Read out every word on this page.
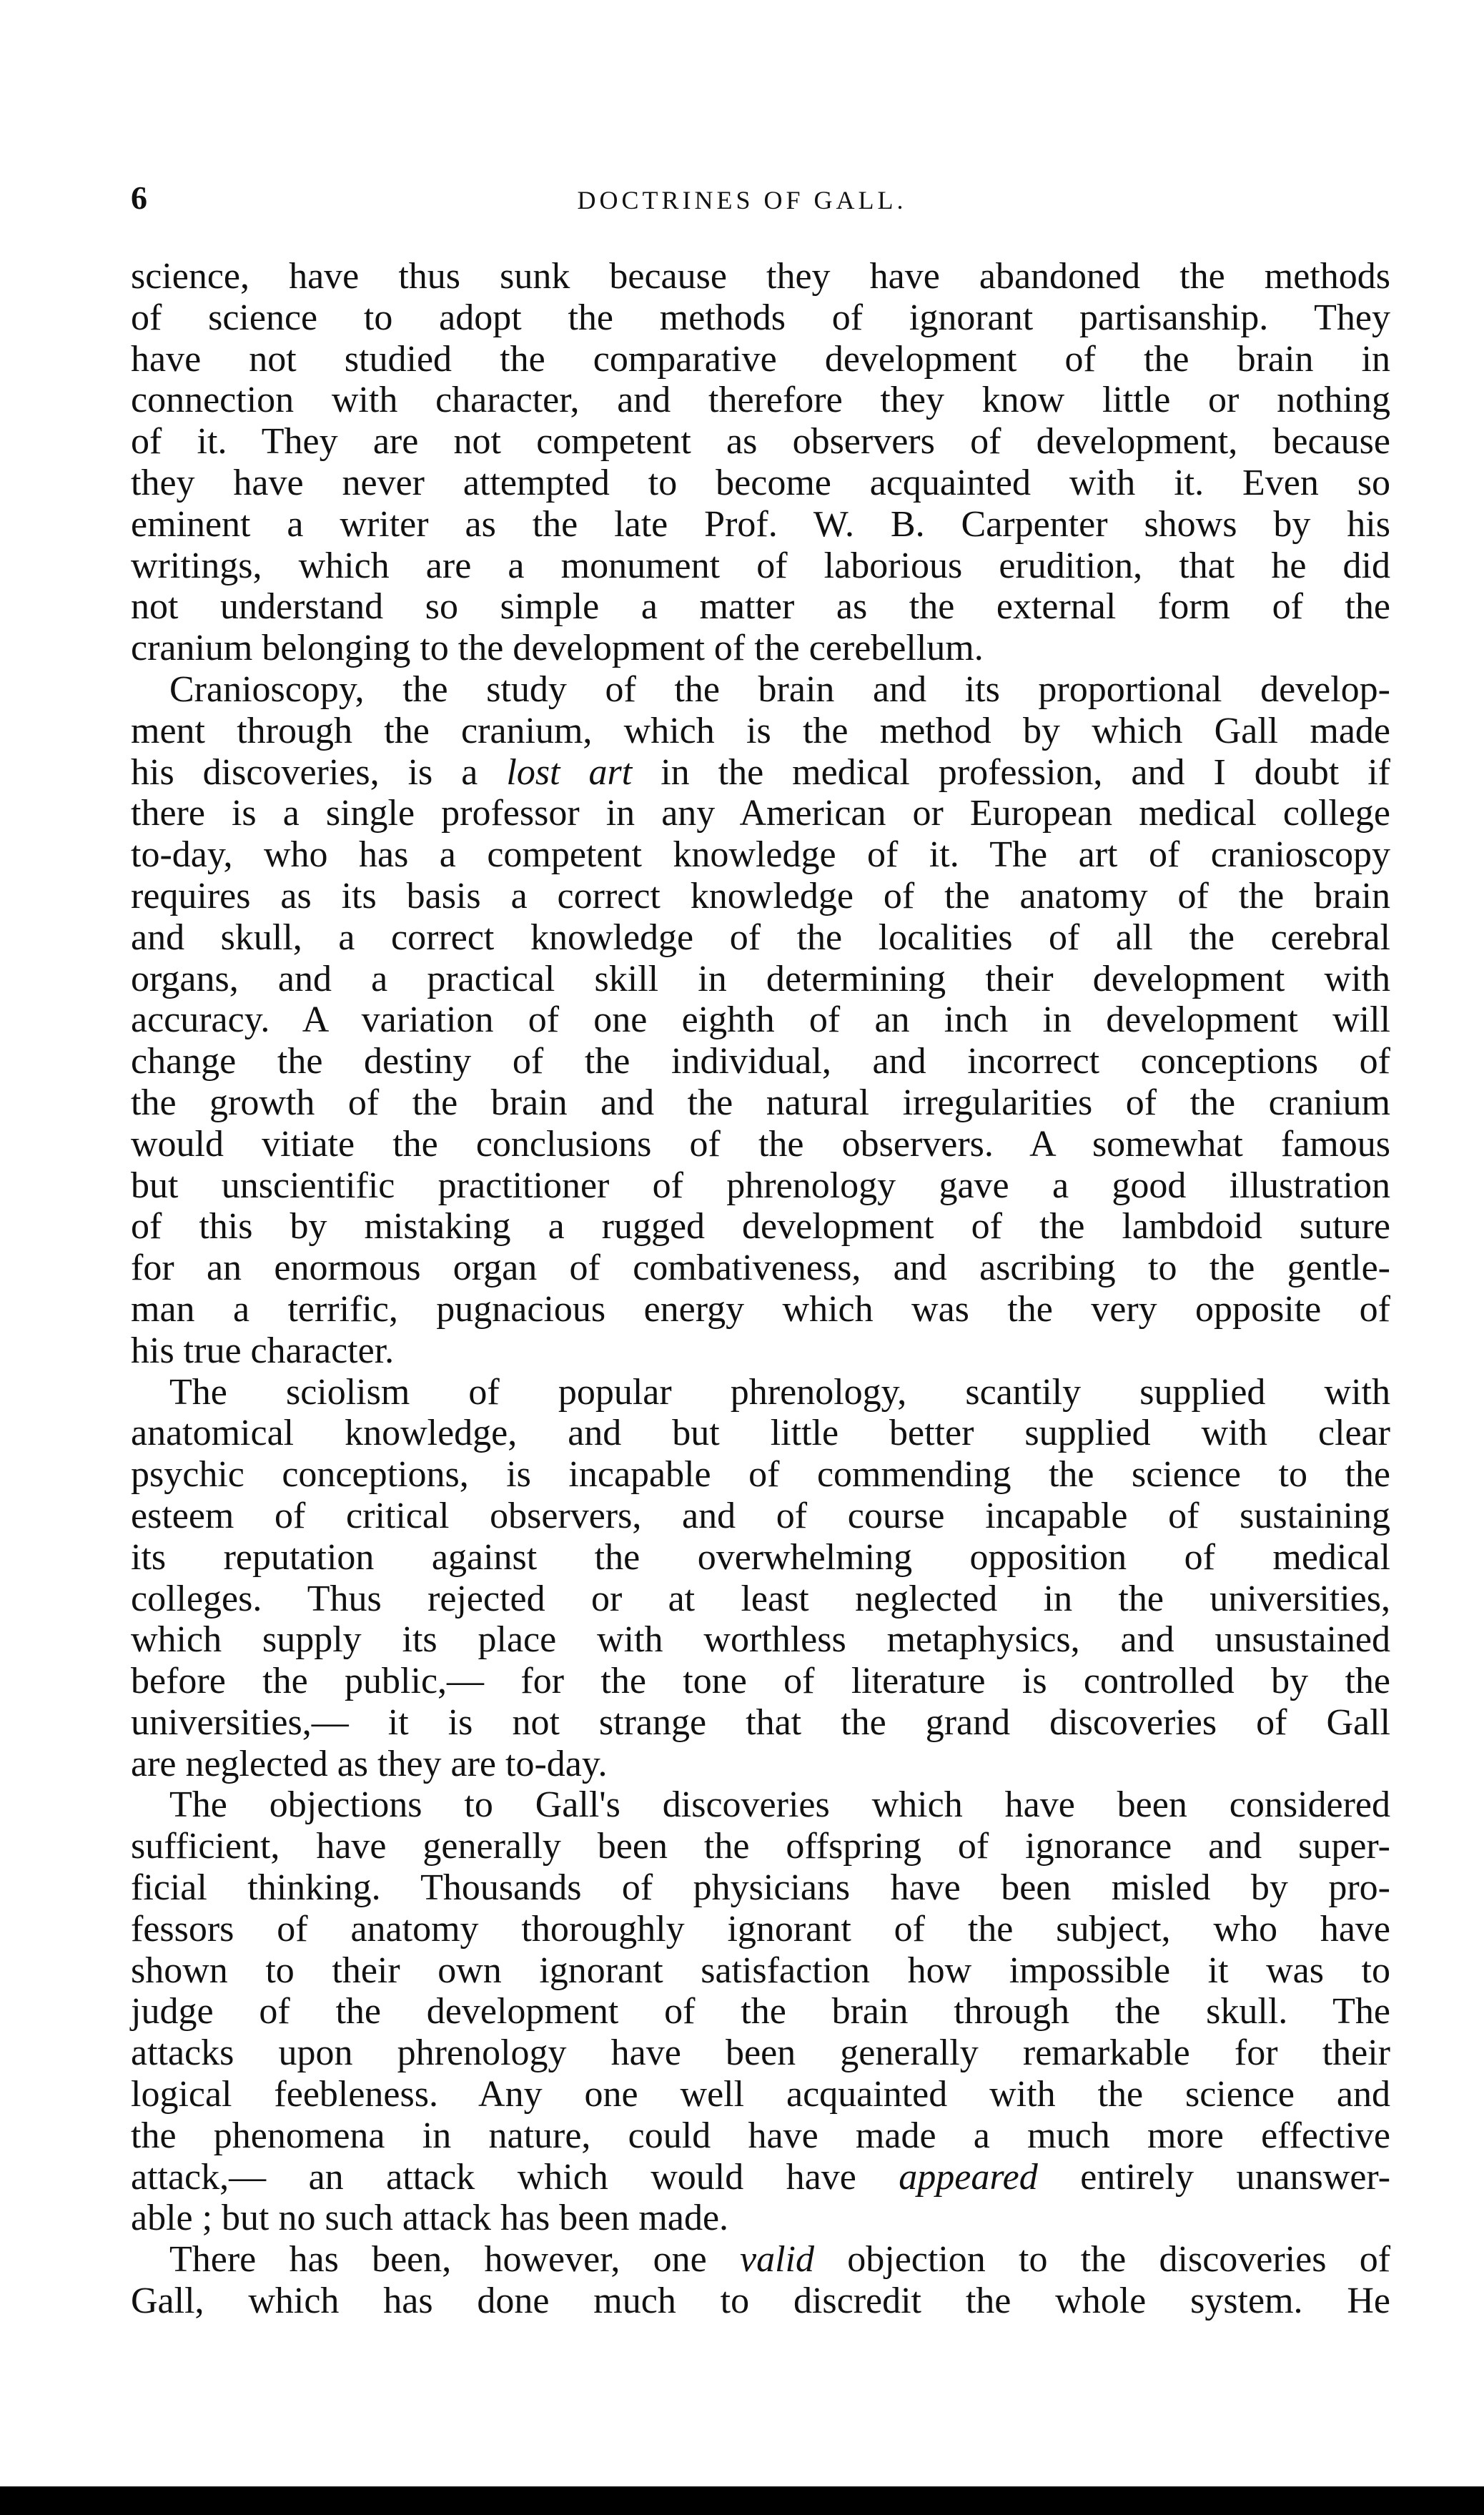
6	DOCTRINES OF GALL.
science, have thus sunk because they have abandoned the methods
of science to adopt the methods of ignorant partisanship. They
have not studied the comparative development of the brain in
connection with character, and therefore they know little or nothing
of it. They are not competent as observers of development, because
they have never attempted to become acquainted with it. Even so
eminent a writer as the late Prof. W. B. Carpenter shows by his
writings, which are a monument of laborious erudition, that he did
not understand so simple a matter as the external form of the
cranium belonging to the development of the cerebellum.
Cranioscopy, the study of the brain and its proportional develop-
ment through the cranium, which is the method by which Gall made
his discoveries, is a lost art in the medical profession, and I doubt if
there is a single professor in any American or European medical college
to-day, who has a competent knowledge of it. The art of cranioscopy
requires as its basis a correct knowledge of the anatomy of the brain
and skull, a correct knowledge of the localities of all the cerebral
organs, and a practical skill in determining their development with
accuracy. A variation of one eighth of an inch in development will
change the destiny of the individual, and incorrect conceptions of
the growth of the brain and the natural irregularities of the cranium
would vitiate the conclusions of the observers. A somewhat famous
but unscientific practitioner of phrenology gave a good illustration
of this by mistaking a rugged development of the lambdoid suture
for an enormous organ of combativeness, and ascribing to the gentle-
man a terrific, pugnacious energy which was the very opposite of
his true character.
The sciolism of popular phrenology, scantily supplied with
anatomical knowledge, and but little better supplied with clear
psychic conceptions, is incapable of commending the science to the
esteem of critical observers, and of course incapable of sustaining
its reputation against the overwhelming opposition of medical
colleges. Thus rejected or at least neglected in the universities,
which supply its place with worthless metaphysics, and unsustained
before the public,— for the tone of literature is controlled by the
universities,— it is not strange that the grand discoveries of Gall
are neglected as they are to-day.
The objections to Gall's discoveries which have been considered
sufficient, have generally been the offspring of ignorance and super-
ficial thinking. Thousands of physicians have been misled by pro-
fessors of anatomy thoroughly ignorant of the subject, who have
shown to their own ignorant satisfaction how impossible it was to
judge of the development of the brain through the skull. The
attacks upon phrenology have been generally remarkable for their
logical feebleness. Any one well acquainted with the science and
the phenomena in nature, could have made a much more effective
attack,— an attack which would have appeared entirely unanswer-
able ; but no such attack has been made.
There has been, however, one valid objection to the discoveries of
Gall, which has done much to discredit the whole system. He
